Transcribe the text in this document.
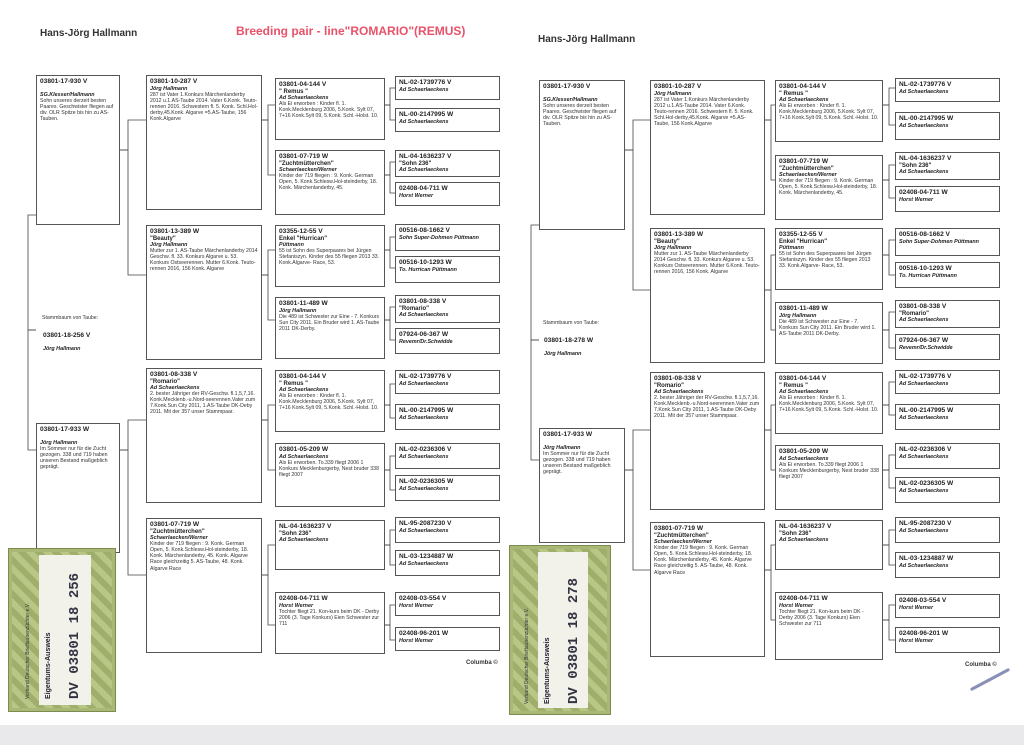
Hans-Jörg Hallmann	Breeding pair - line"ROMARIO"(REMUS)
03801-17-930 V

SG.Klesser/Hallmann
Sohn unseres derzeit besten Paares. Geschwister fliegen auf div. OLR Spitze bis hin zu AS-Tauben.
Stammbaum von Taube:
03801-18-256 V

Jörg Hallmann
03801-17-933 W

Jörg Hallmann
Im Sommer nur für die Zucht gezogen. 338 und 719 haben unseren Bestand maßgeblich geprägt.
03801-10-287 V
Jörg Hallmann
287 ist Vater 1.Konkurs Märchenlanderby 2012 u.1.AS-Taube 2014. Vater 6.Konk. Teuto-rennen 2016. Schwestern fl. 5. Konk. Schl.Hol-derby,45.Konk. Algarve =5.AS-Taube, 156 Konk.Algarve
03801-13-389 W
"Beauty"
Jörg Hallmann
Mutter zur 1. AS-Taube Märchenlanderby 2014 Geschw. fl. 33. Konkurs Algarve u. 53. Konkurs Ostseerennen. Mutter 6.Konk. Teuto-rennen 2016, 156 Konk. Algarve
03801-08-338 V
"Romario"
Ad Schaerlaeckens
2. bester Jähriger der RV-Geschw. fl.1,5,7,16. Konk.Mecklenb.-u.Nord-seerennen.Vater zum 7.Konk.Sun City 2011, 1.AS-Taube DK-Deby 2011. Mit der 357 unser Stammpaar.
03801-07-719 W
"Zuchtmütterchen"
Schaerlaecken/Werner
Kinder der 719 fliegen : 9. Konk. German Open, 5. Konk.Schlesw.Hol-steinderby, 18. Konk. Märchenlanderby, 45. Konk. Algarve Race gleichzeitig 5. AS-Taube, 48. Konk. Algarve Race
03801-04-144 V
" Remus "
Ad Schaerlaeckens
Als Ei erworben : Kinder fl. 1. Konk.Mecklenburg 2006, 5.Konk. Sylt 07, 7+16 Konk.Sylt 09, 5.Konk. Schl.-Holst. 10.
03801-07-719 W
"Zuchtmütterchen"
Schaerlaecken/Werner
Kinder der 719 fliegen : 9. Konk. German Open, 5. Konk.Schlesw.Hol-steinderby, 18. Konk. Märchenlanderby, 45.
03355-12-55 V
Enkel "Hurrican"
Püttmann
55 ist Sohn des Superpaares bei Jürgen Stefaniszyn. Kinder des 55 fliegen 2013 33. Konk.Algarve- Race, 53.
03801-11-489 W
Jörg Hallmann
Die 489 ist Schwester zur Eine - 7. Konkurs Sun City 2011. Ein Bruder wird 1. AS-Taube 2011 DK-Derby.
03801-04-144 V
" Remus "
Ad Schaerlaeckens
Als Ei erworben : Kinder fl. 1. Konk.Mecklenburg 2006, 5.Konk. Sylt 07, 7+16 Konk.Sylt 09, 5.Konk. Schl.-Holst. 10.
03801-05-209 W
Ad Schaerlaeckens
Als Ei erworben. To.339 fliegt 2006 1 Konkurs Mecklenburgerby, Nest bruder 338 fliegt 2007
NL-04-1636237 V
"Sohn 236"
Ad Schaerlaeckens
02408-04-711 W
Horst Werner
Tochter fliegt 21. Kon-kurs beim DK - Derby 2006 (3. Tage Konkurs) Eien Schwester zur 711
NL-02-1739776 V
Ad Schaerlaeckens
NL-00-2147995 W
Ad Schaerlaeckens
NL-04-1636237 V
"Sohn 236"
Ad Schaerlaeckens
02408-04-711 W
Horst Werner
00516-08-1662 V
Sohn Super-Dohmen Püttmann
00516-10-1293 W
To. Hurrican Püttmann
03801-08-338 V
"Romario"
Ad Schaerlaeckens
07924-06-367 W
Revemr/Dr.Schwidde
NL-02-1739776 V
Ad Schaerlaeckens
NL-00-2147995 W
Ad Schaerlaeckens
NL-02-0236306 V
Ad Schaerlaeckens
NL-02-0236305 W
Ad Schaerlaeckens
NL-95-2087230 V
Ad Schaerlaeckens
NL-03-1234887 W
Ad Schaerlaeckens
02408-03-554 V
Horst Werner
02408-96-201 W
Horst Werner
Columba ©
Eigentums-Ausweis DV 03801 18 256
Verband Deutscher Brieftaubenzüchter e.V.
Hans-Jörg Hallmann
03801-17-930 V

SG.Klesser/Hallmann
Sohn unseres derzeit besten Paares. Geschwister fliegen auf div. OLR Spitze bis hin zu AS-Tauben.
Stammbaum von Taube:
03801-18-278 W

Jörg Hallmann
03801-17-933 W

Jörg Hallmann
Im Sommer nur für die Zucht gezogen. 338 und 719 haben unseren Bestand maßgeblich geprägt.
03801-10-287 V
Jörg Hallmann
287 ist Vater 1.Konkurs Märchenlanderby 2012 u.1.AS-Taube 2014. Vater 6.Konk. Teuto-rennen 2016. Schwestern fl. 5. Konk. Schl.Hol-derby,45.Konk. Algarve =5.AS-Taube, 156 Konk.Algarve
03801-13-389 W
"Beauty"
Jörg Hallmann
Mutter zur 1. AS-Taube Märchenlanderby 2014 Geschw. fl. 33. Konkurs Algarve u. 53. Konkurs Ostseerennen. Mutter 6.Konk. Teuto-rennen 2016, 156 Konk. Algarve
03801-08-338 V
"Romario"
Ad Schaerlaeckens
2. bester Jähriger der RV-Geschw. fl.1,5,7,16. Konk.Mecklenb.-u.Nord-seerennen.Vater zum 7.Konk.Sun City 2011, 1.AS-Taube DK-Deby 2011. Mit der 357 unser Stammpaar.
03801-07-719 W
"Zuchtmütterchen"
Schaerlaecken/Werner
Kinder der 719 fliegen : 9. Konk. German Open, 5. Konk.Schlesw.Hol-steinderby, 18. Konk. Märchenlanderby, 45. Konk. Algarve Race gleichzeitig 5. AS-Taube, 48. Konk. Algarve Race
03801-04-144 V
" Remus "
Ad Schaerlaeckens
Als Ei erworben : Kinder fl. 1. Konk.Mecklenburg 2006, 5.Konk. Sylt 07, 7+16 Konk.Sylt 09, 5.Konk. Schl.-Holst. 10.
03801-07-719 W
"Zuchtmütterchen"
Schaerlaecken/Werner
Kinder der 719 fliegen : 9. Konk. German Open, 5. Konk.Schlesw.Hol-steinderby, 18. Konk. Märchenlanderby, 45.
03355-12-55 V
Enkel "Hurrican"
Püttmann
55 ist Sohn des Superpaares bei Jürgen Stefaniszyn. Kinder des 55 fliegen 2013 33. Konk.Algarve- Race, 53.
03801-11-489 W
Jörg Hallmann
Die 489 ist Schwester zur Eine - 7. Konkurs Sun City 2011. Ein Bruder wird 1. AS-Taube 2011 DK-Derby.
03801-04-144 V
" Remus "
Ad Schaerlaeckens
Als Ei erworben : Kinder fl. 1. Konk.Mecklenburg 2006, 5.Konk. Sylt 07, 7+16 Konk.Sylt 09, 5.Konk. Schl.-Holst. 10.
03801-05-209 W
Ad Schaerlaeckens
Als Ei erworben. To.339 fliegt 2006 1 Konkurs Mecklenburgerby, Nest bruder 338 fliegt 2007
NL-04-1636237 V
"Sohn 236"
Ad Schaerlaeckens
02408-04-711 W
Horst Werner
Tochter fliegt 21. Kon-kurs beim DK - Derby 2006 (3. Tage Konkurs) Eien Schwester zur 711
NL-02-1739776 V
Ad Schaerlaeckens
NL-00-2147995 W
Ad Schaerlaeckens
NL-04-1636237 V
"Sohn 236"
Ad Schaerlaeckens
02408-04-711 W
Horst Werner
00516-08-1662 V
Sohn Super-Dohmen Püttmann
00516-10-1293 W
To. Hurrican Püttmann
03801-08-338 V
"Romario"
Ad Schaerlaeckens
07924-06-367 W
Revemr/Dr.Schwidde
NL-02-1739776 V
Ad Schaerlaeckens
NL-00-2147995 W
Ad Schaerlaeckens
NL-02-0236306 V
Ad Schaerlaeckens
NL-02-0236305 W
Ad Schaerlaeckens
NL-95-2087230 V
Ad Schaerlaeckens
NL-03-1234887 W
Ad Schaerlaeckens
02408-03-554 V
Horst Werner
02408-96-201 W
Horst Werner
Columba ©
Eigentums-Ausweis DV 03801 18 278
Verband Deutscher Brieftaubenzüchter e.V.
